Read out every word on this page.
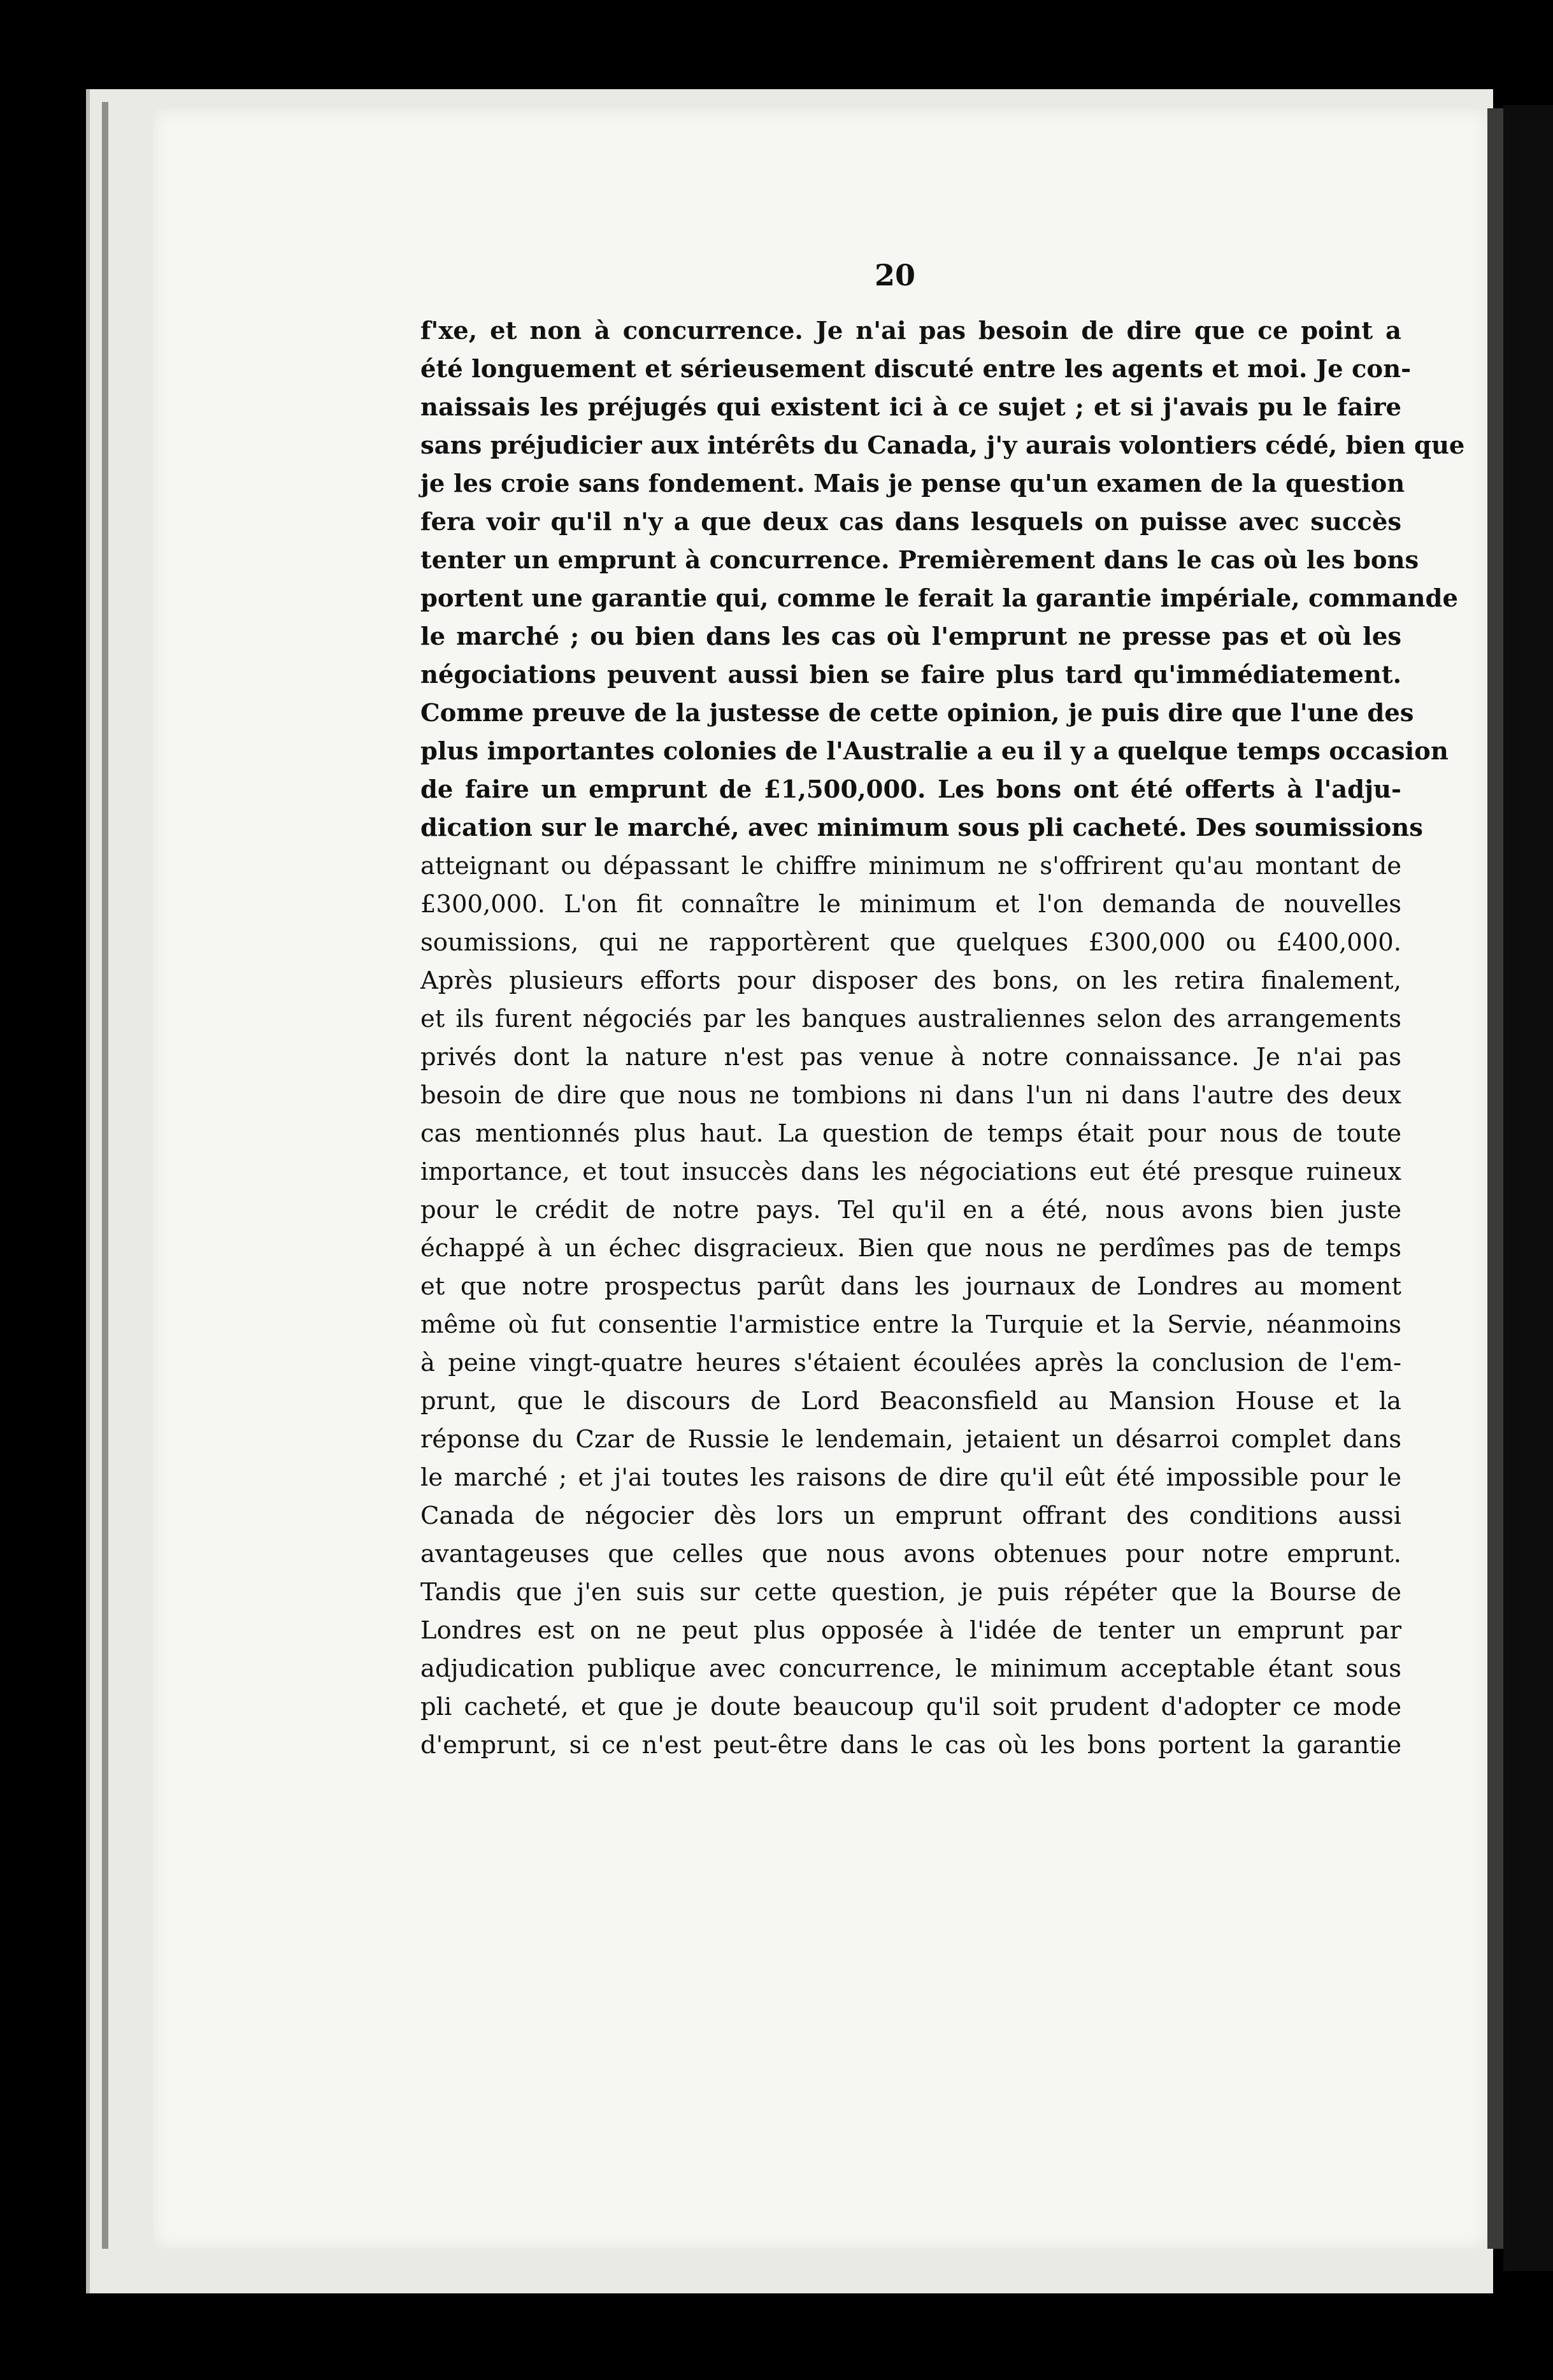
20
f'xe, et non à concurrence. Je n'ai pas besoin de dire que ce point a
été longuement et sérieusement discuté entre les agents et moi. Je con-
naissais les préjugés qui existent ici à ce sujet ; et si j'avais pu le faire
sans préjudicier aux intérêts du Canada, j'y aurais volontiers cédé, bien que
je les croie sans fondement. Mais je pense qu'un examen de la question
fera voir qu'il n'y a que deux cas dans lesquels on puisse avec succès
tenter un emprunt à concurrence. Premièrement dans le cas où les bons
portent une garantie qui, comme le ferait la garantie impériale, commande
le marché ; ou bien dans les cas où l'emprunt ne presse pas et où les
négociations peuvent aussi bien se faire plus tard qu'immédiatement.
Comme preuve de la justesse de cette opinion, je puis dire que l'une des
plus importantes colonies de l'Australie a eu il y a quelque temps occasion
de faire un emprunt de £1,500,000. Les bons ont été offerts à l'adju-
dication sur le marché, avec minimum sous pli cacheté. Des soumissions
atteignant ou dépassant le chiffre minimum ne s'offrirent qu'au montant de
£300,000. L'on fit connaître le minimum et l'on demanda de nouvelles
soumissions, qui ne rapportèrent que quelques £300,000 ou £400,000.
Après plusieurs efforts pour disposer des bons, on les retira finalement,
et ils furent négociés par les banques australiennes selon des arrangements
privés dont la nature n'est pas venue à notre connaissance. Je n'ai pas
besoin de dire que nous ne tombions ni dans l'un ni dans l'autre des deux
cas mentionnés plus haut. La question de temps était pour nous de toute
importance, et tout insuccès dans les négociations eut été presque ruineux
pour le crédit de notre pays. Tel qu'il en a été, nous avons bien juste
échappé à un échec disgracieux. Bien que nous ne perdîmes pas de temps
et que notre prospectus parût dans les journaux de Londres au moment
même où fut consentie l'armistice entre la Turquie et la Servie, néanmoins
à peine vingt-quatre heures s'étaient écoulées après la conclusion de l'em-
prunt, que le discours de Lord Beaconsfield au Mansion House et la
réponse du Czar de Russie le lendemain, jetaient un désarroi complet dans
le marché ; et j'ai toutes les raisons de dire qu'il eût été impossible pour le
Canada de négocier dès lors un emprunt offrant des conditions aussi
avantageuses que celles que nous avons obtenues pour notre emprunt.
Tandis que j'en suis sur cette question, je puis répéter que la Bourse de
Londres est on ne peut plus opposée à l'idée de tenter un emprunt par
adjudication publique avec concurrence, le minimum acceptable étant sous
pli cacheté, et que je doute beaucoup qu'il soit prudent d'adopter ce mode
d'emprunt, si ce n'est peut-être dans le cas où les bons portent la garantie
